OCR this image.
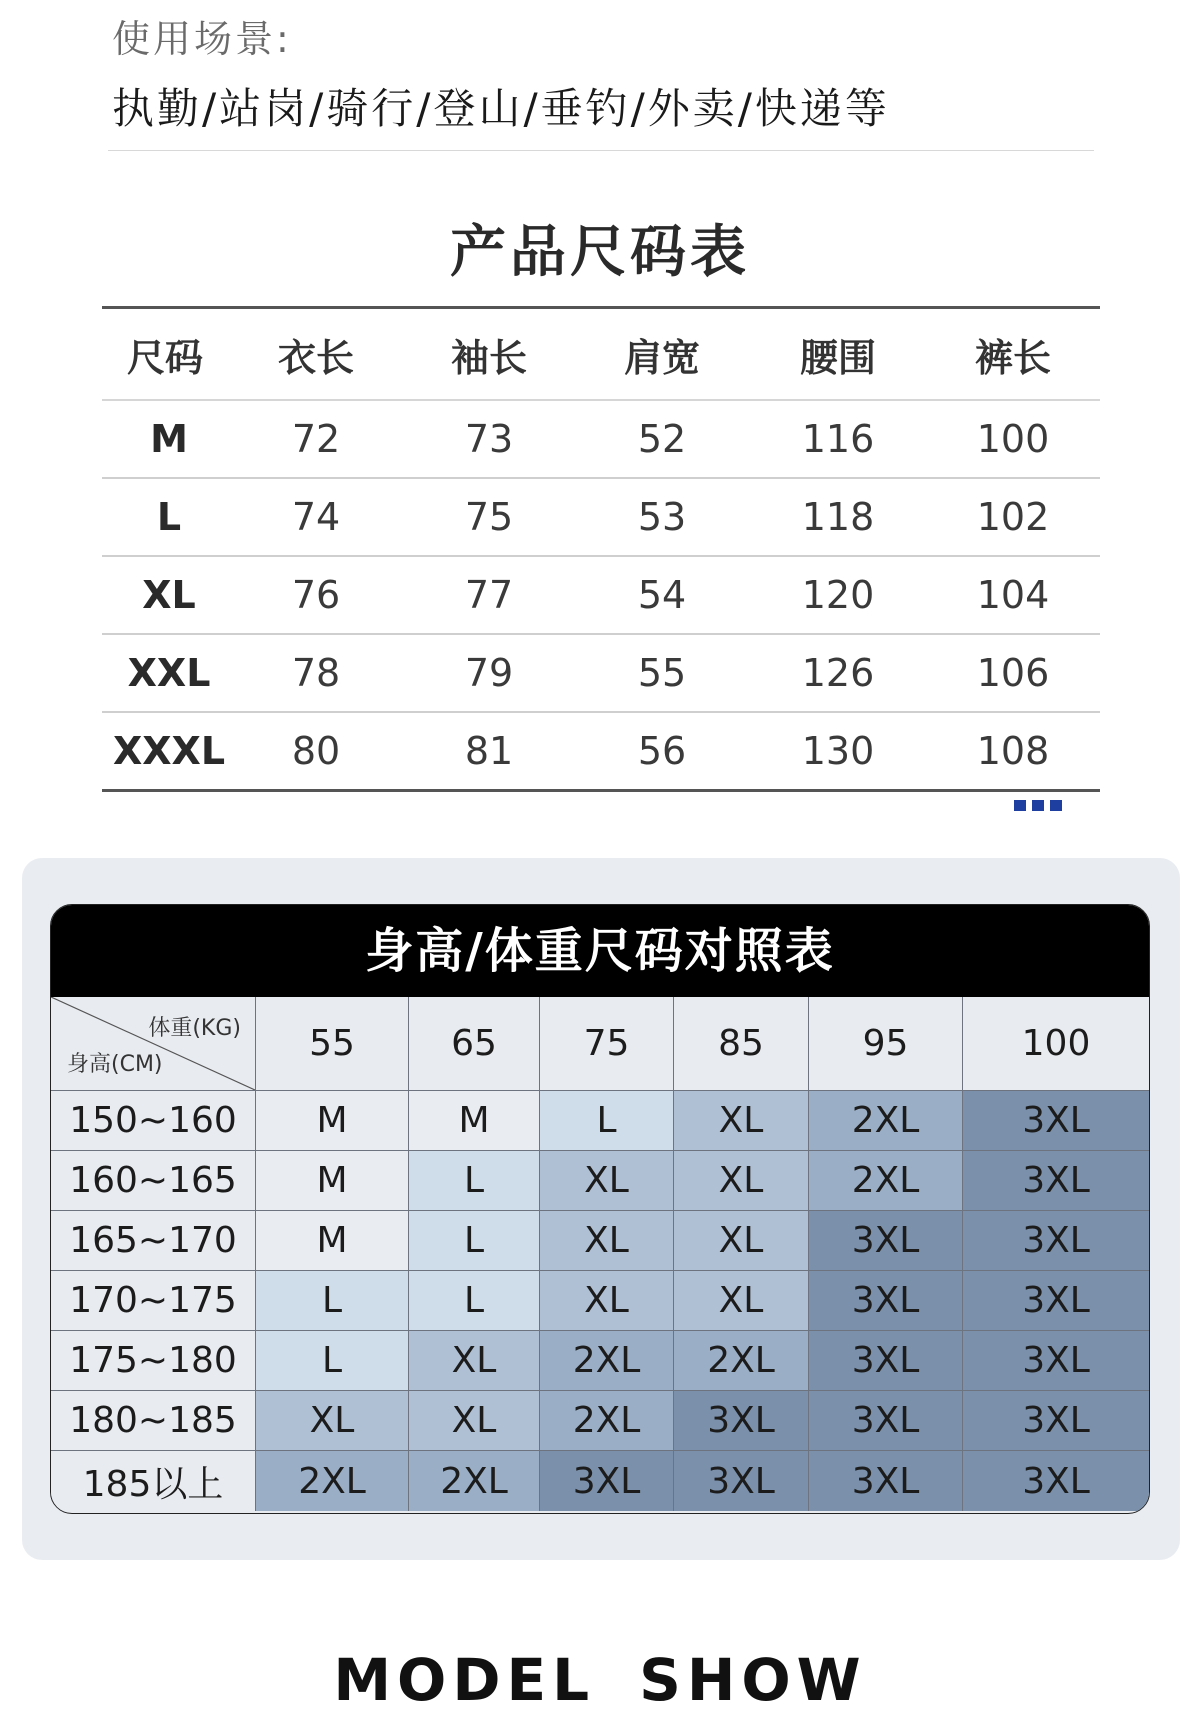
使用场景:
执勤/站岗/骑行/登山/垂钓/外卖/快递等
产品尺码表
尺码	衣长	袖长	肩宽	腰围	裤长
M	72	73	52	116	100
L	74	75	53	118	102
XL	76	77	54	120	104
XXL	78	79	55	126	106
XXXL	80	81	56	130	108
身高/体重尺码对照表
体重(KG)
身高(CM)
55	65	75	85	95	100
150~160	M	M	L	XL	2XL	3XL
160~165	M	L	XL	XL	2XL	3XL
165~170	M	L	XL	XL	3XL	3XL
170~175	L	L	XL	XL	3XL	3XL
175~180	L	XL	2XL	2XL	3XL	3XL
180~185	XL	XL	2XL	3XL	3XL	3XL
185以上	2XL	2XL	3XL	3XL	3XL	3XL
MODEL SHOW
